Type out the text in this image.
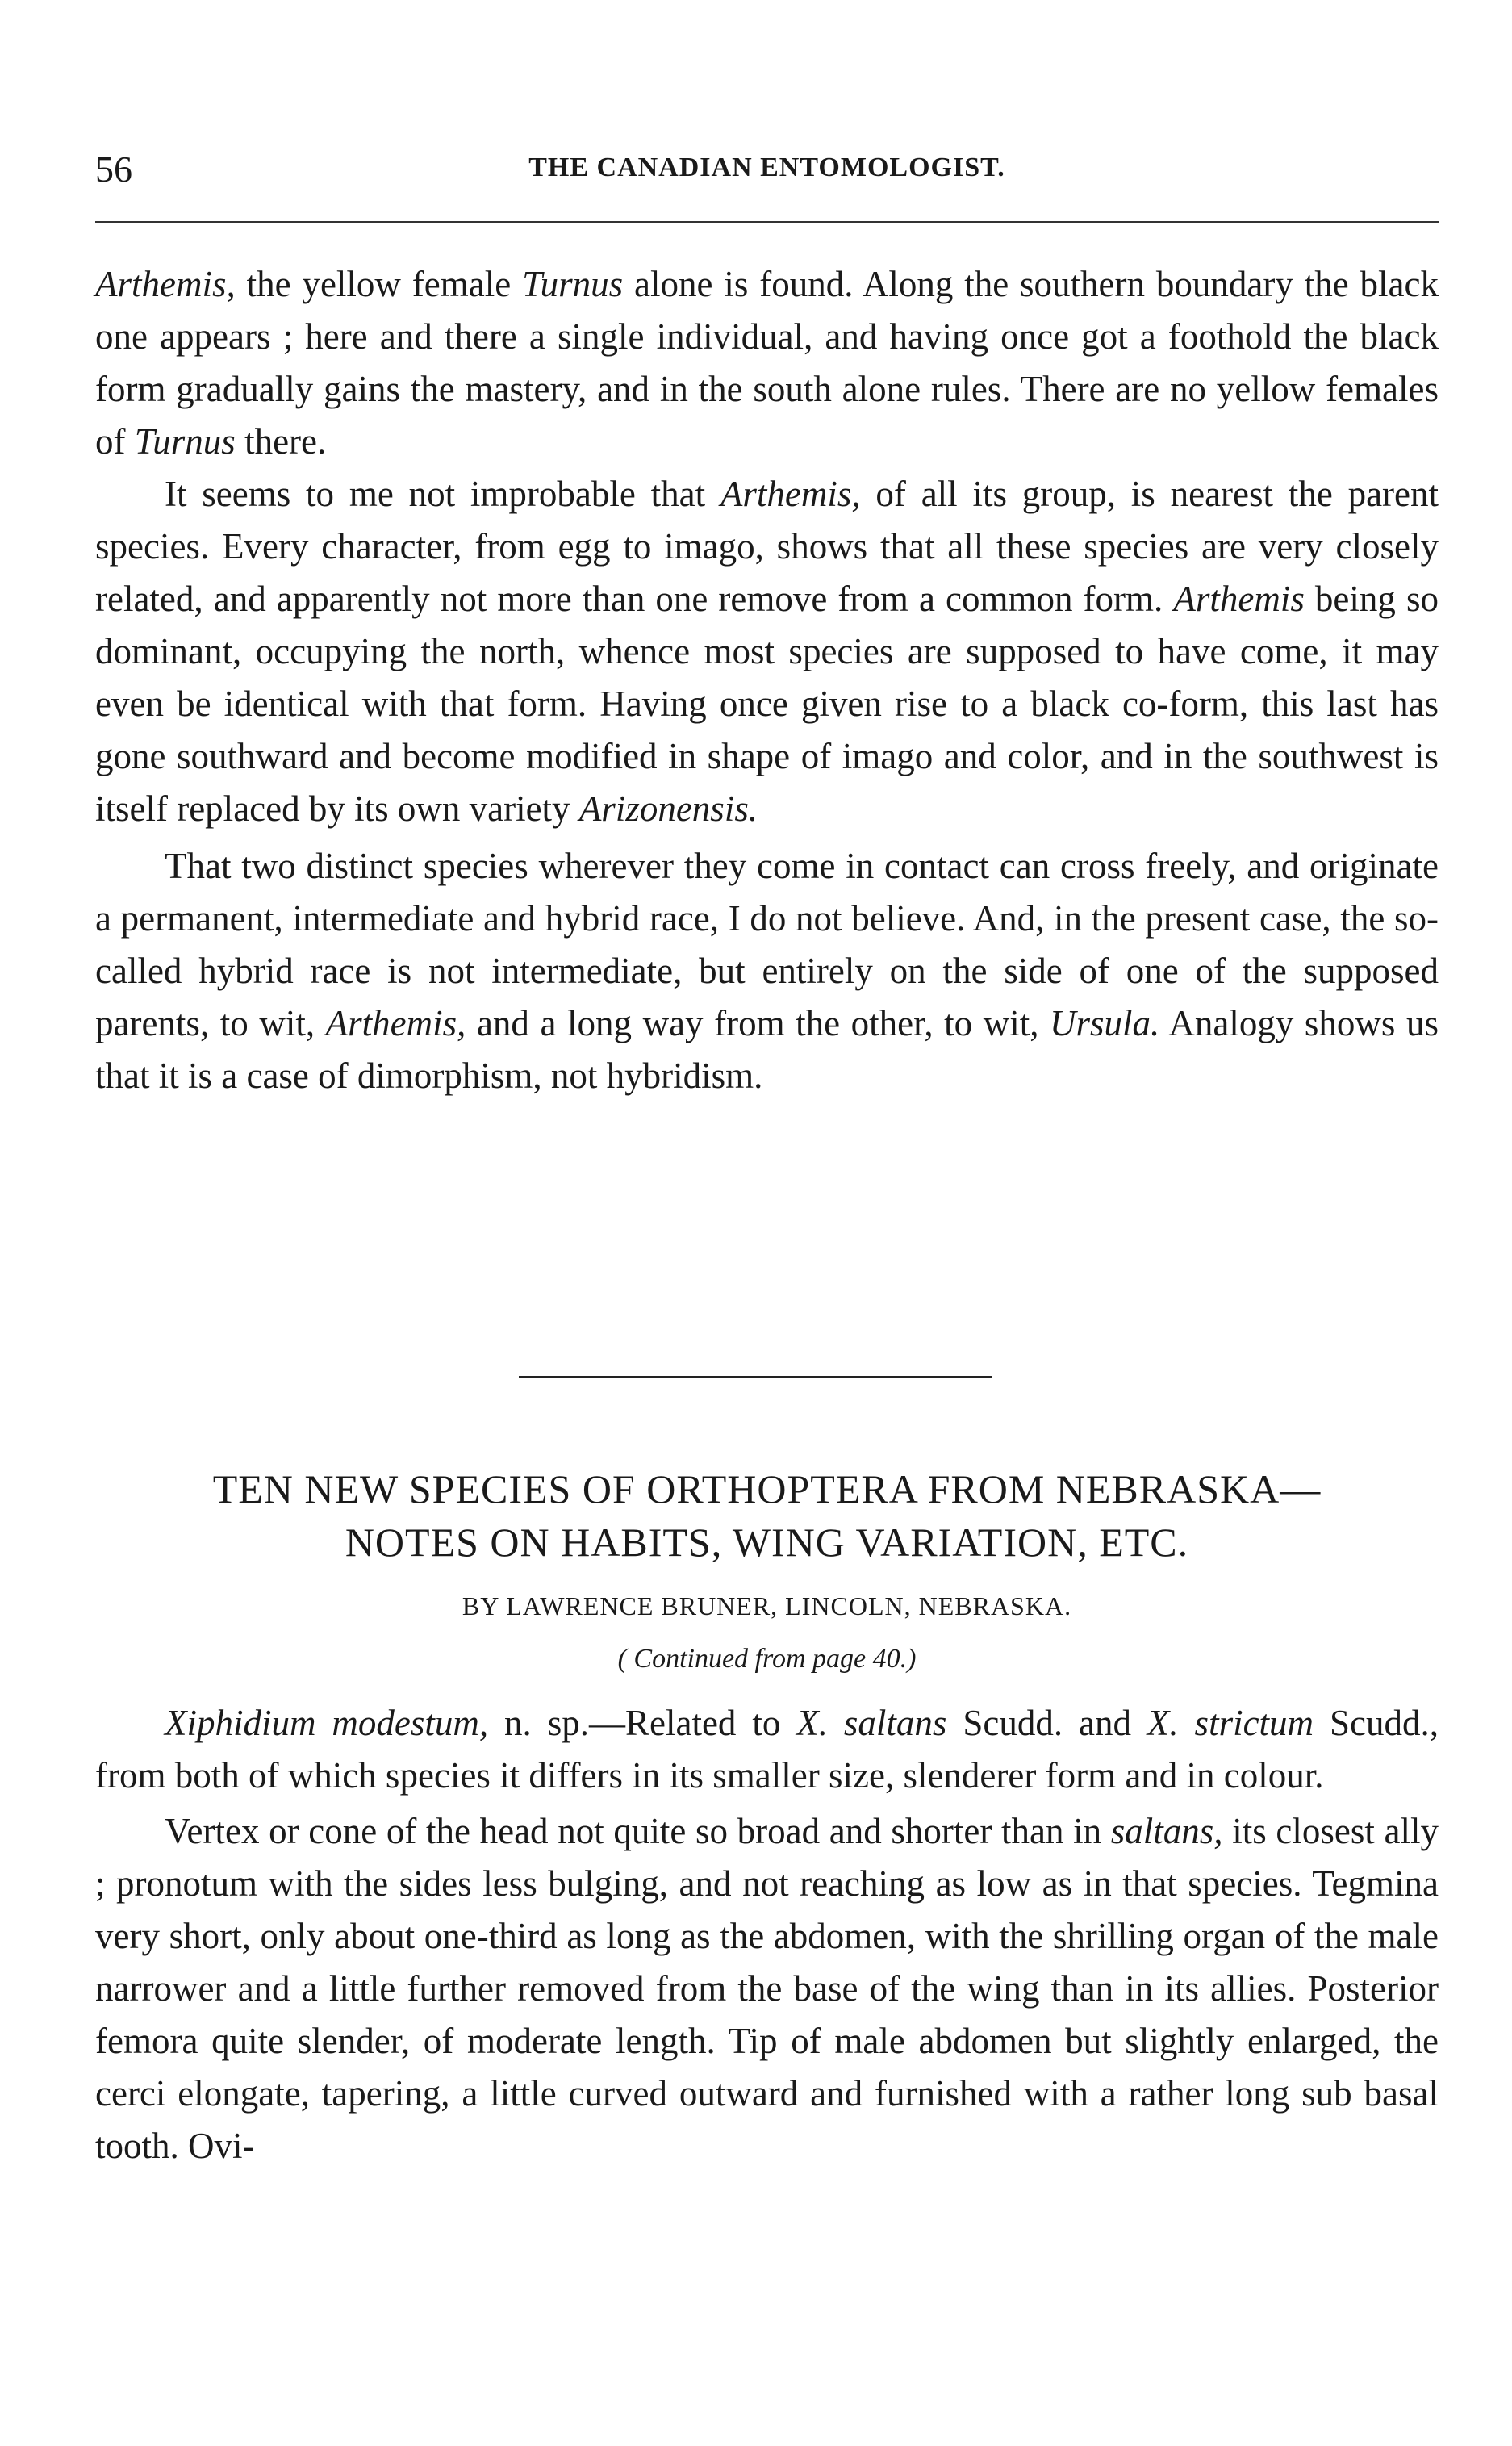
56	THE CANADIAN ENTOMOLOGIST.

Arthemis, the yellow female Turnus alone is found. Along the southern boundary the black one appears ; here and there a single individual, and having once got a foothold the black form gradually gains the mastery, and in the south alone rules. There are no yellow females of Turnus there.

It seems to me not improbable that Arthemis, of all its group, is nearest the parent species. Every character, from egg to imago, shows that all these species are very closely related, and apparently not more than one remove from a common form. Arthemis being so dominant, occupying the north, whence most species are supposed to have come, it may even be identical with that form. Having once given rise to a black co-form, this last has gone southward and become modified in shape of imago and color, and in the southwest is itself replaced by its own variety Arizonensis.

That two distinct species wherever they come in contact can cross freely, and originate a permanent, intermediate and hybrid race, I do not believe. And, in the present case, the so-called hybrid race is not intermediate, but entirely on the side of one of the supposed parents, to wit, Arthemis, and a long way from the other, to wit, Ursula. Analogy shows us that it is a case of dimorphism, not hybridism.

TEN NEW SPECIES OF ORTHOPTERA FROM NEBRASKA—
NOTES ON HABITS, WING VARIATION, ETC.
BY LAWRENCE BRUNER, LINCOLN, NEBRASKA.
( Continued from page 40.)

Xiphidium modestum, n. sp.—Related to X. saltans Scudd. and X. strictum Scudd., from both of which species it differs in its smaller size, slenderer form and in colour.

Vertex or cone of the head not quite so broad and shorter than in saltans, its closest ally ; pronotum with the sides less bulging, and not reaching as low as in that species. Tegmina very short, only about one-third as long as the abdomen, with the shrilling organ of the male narrower and a little further removed from the base of the wing than in its allies. Posterior femora quite slender, of moderate length. Tip of male abdomen but slightly enlarged, the cerci elongate, tapering, a little curved outward and furnished with a rather long sub basal tooth. Ovi-
